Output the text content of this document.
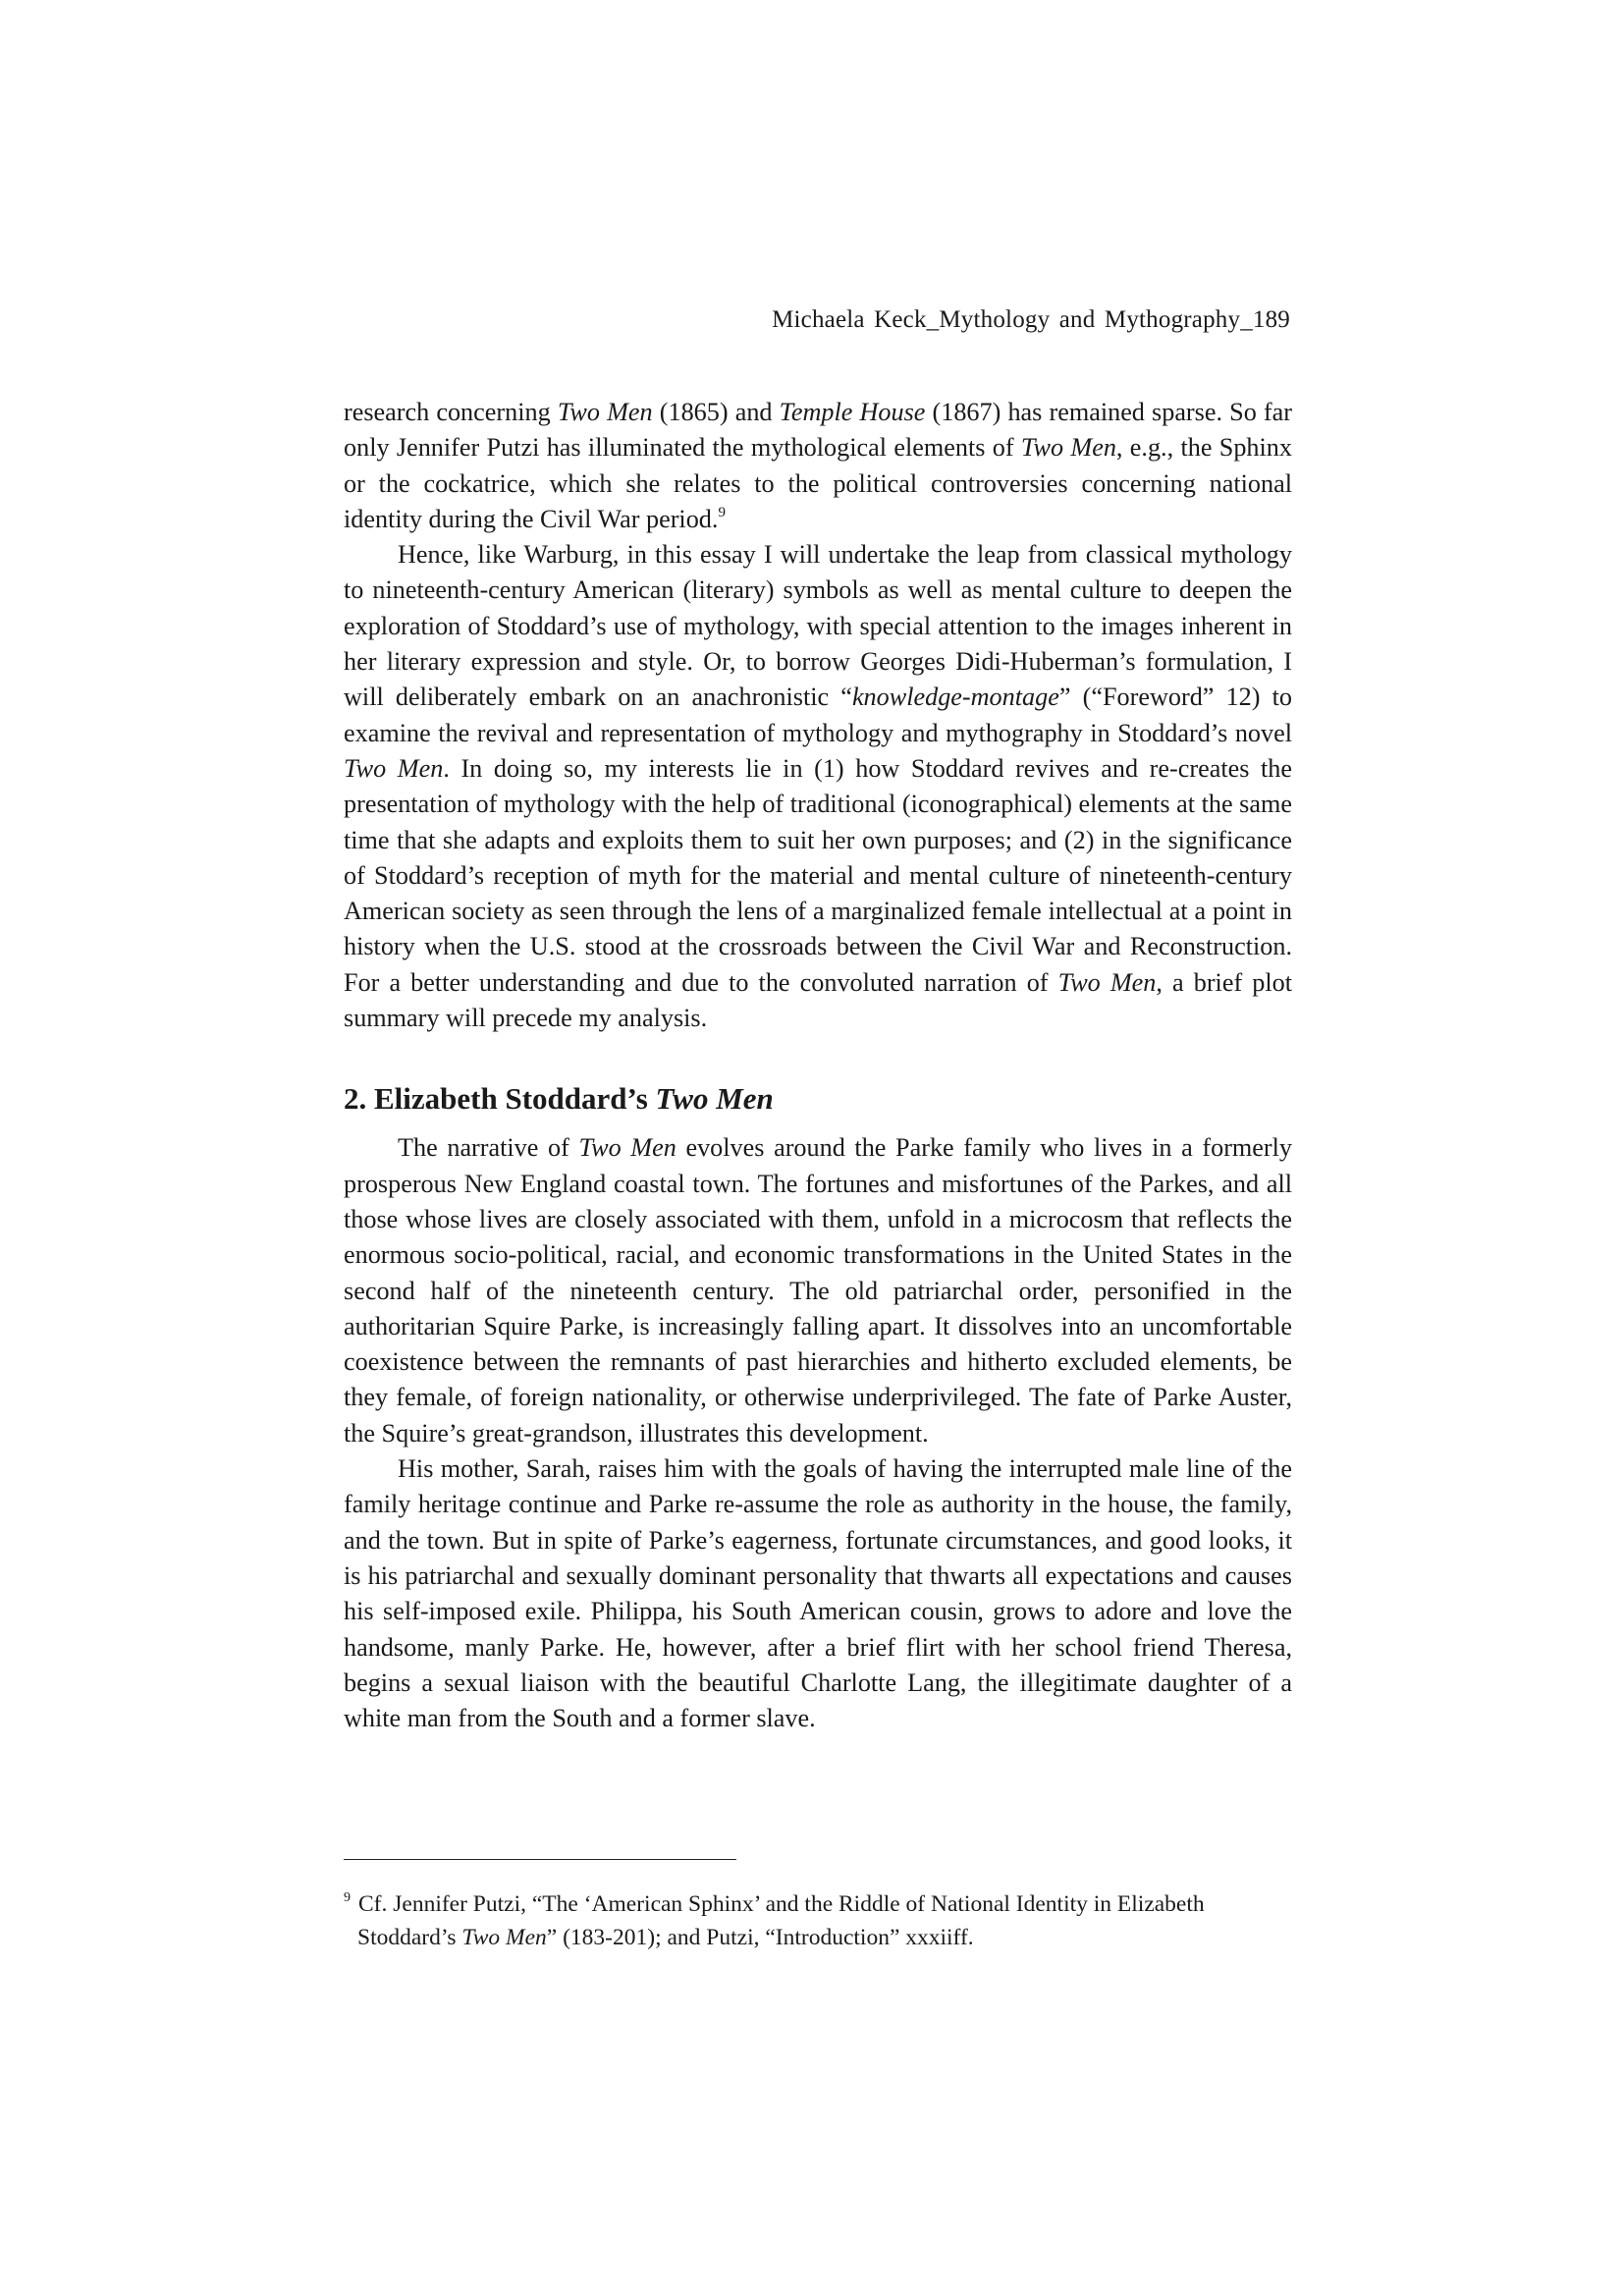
Michaela Keck_Mythology and Mythography_189

research concerning Two Men (1865) and Temple House (1867) has remained sparse. So far only Jennifer Putzi has illuminated the mythological elements of Two Men, e.g., the Sphinx or the cockatrice, which she relates to the political controversies concerning national identity during the Civil War period.$^9$

Hence, like Warburg, in this essay I will undertake the leap from classical mythology to nineteenth-century American (literary) symbols as well as mental culture to deepen the exploration of Stoddard’s use of mythology, with special attention to the images inherent in her literary expression and style. Or, to borrow Georges Didi-Huberman’s formulation, I will deliberately embark on an anachronistic “knowledge-montage” (“Foreword” 12) to examine the revival and representation of mythology and mythography in Stoddard’s novel Two Men. In doing so, my interests lie in (1) how Stoddard revives and re-creates the presentation of mythology with the help of traditional (iconographical) elements at the same time that she adapts and exploits them to suit her own purposes; and (2) in the significance of Stoddard’s reception of myth for the material and mental culture of nineteenth-century American society as seen through the lens of a marginalized female intellectual at a point in history when the U.S. stood at the crossroads between the Civil War and Reconstruction. For a better understanding and due to the convoluted narration of Two Men, a brief plot summary will precede my analysis.

2. Elizabeth Stoddard’s Two Men

The narrative of Two Men evolves around the Parke family who lives in a formerly prosperous New England coastal town. The fortunes and misfortunes of the Parkes, and all those whose lives are closely associated with them, unfold in a microcosm that reflects the enormous socio-political, racial, and economic transformations in the United States in the second half of the nineteenth century. The old patriarchal order, personified in the authoritarian Squire Parke, is increasingly falling apart. It dissolves into an uncomfortable coexistence between the remnants of past hierarchies and hitherto excluded elements, be they female, of foreign nationality, or otherwise underprivileged. The fate of Parke Auster, the Squire’s great-grandson, illustrates this development.

His mother, Sarah, raises him with the goals of having the interrupted male line of the family heritage continue and Parke re-assume the role as authority in the house, the family, and the town. But in spite of Parke’s eagerness, fortunate circumstances, and good looks, it is his patriarchal and sexually dominant personality that thwarts all expectations and causes his self-imposed exile. Philippa, his South American cousin, grows to adore and love the handsome, manly Parke. He, however, after a brief flirt with her school friend Theresa, begins a sexual liaison with the beautiful Charlotte Lang, the illegitimate daughter of a white man from the South and a former slave.

$^9$ Cf. Jennifer Putzi, “The ‘American Sphinx’ and the Riddle of National Identity in Elizabeth
Stoddard’s Two Men” (183-201); and Putzi, “Introduction” xxxiiff.
